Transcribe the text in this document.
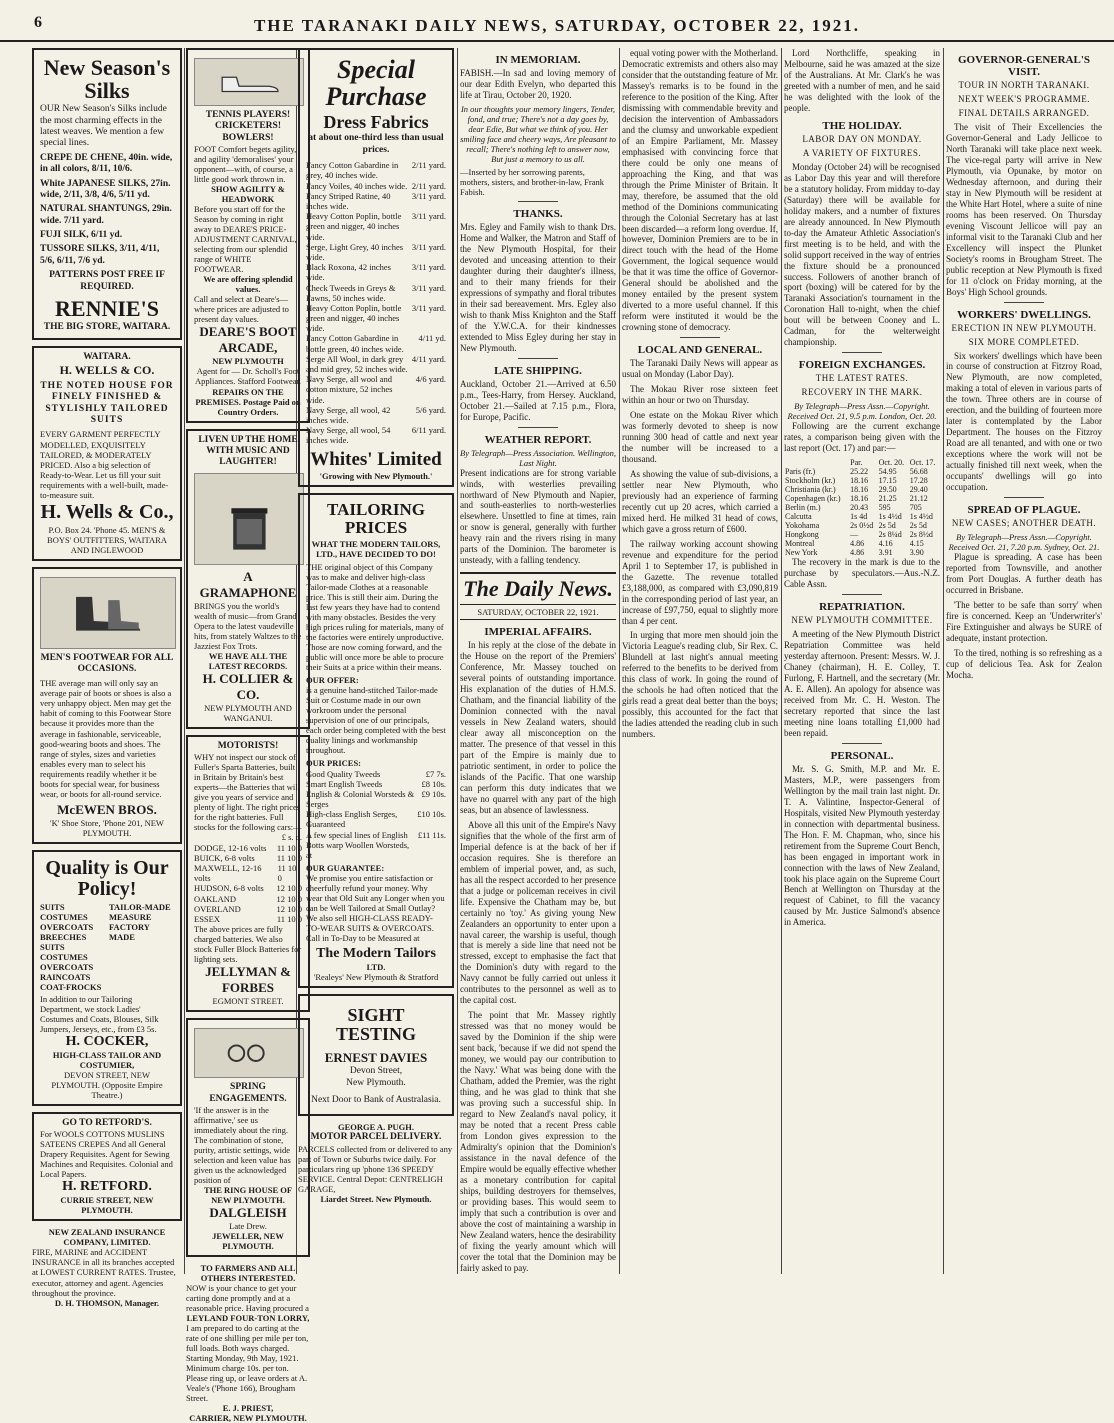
6	THE TARANAKI DAILY NEWS, SATURDAY, OCTOBER 22, 1921.
New Season's Silks
OUR New Season's Silks include the most charming effects in the latest weaves. We mention a few special lines.
CREPE DE CHENE, 40in. wide, in all colors, 8/11, 10/6.
White JAPANESE SILKS, 27in. wide, 2/11, 3/8, 4/6, 5/11 yd.
NATURAL SHANTUNGS, 29in. wide. 7/11 yard.
FUJI SILK, 6/11 yd.
TUSSORE SILKS, 3/11, 4/11, 5/6, 6/11, 7/6 yd.
PATTERNS POST FREE IF REQUIRED.
RENNIE'S
THE BIG STORE, WAITARA.
WAITARA.
H. WELLS & CO.
THE NOTED HOUSE FOR FINELY FINISHED & STYLISHLY TAILORED SUITS
EVERY GARMENT PERFECTLY MODELLED, EXQUISITELY TAILORED, & MODERATELY PRICED. Also a big selection of Ready-to-Wear. Let us fill your suit requirements with a well-built, made-to-measure suit.
H. Wells & Co.,
P.O. Box 24. 'Phone 45. MEN'S & BOYS' OUTFITTERS, WAITARA AND INGLEWOOD
MEN'S FOOTWEAR FOR ALL OCCASIONS.
THE average man will only say an average pair of boots or shoes is also a very unhappy object. Men may get the habit of coming to this Footwear Store because it provides more than the average in fashionable, serviceable, good-wearing boots and shoes. The range of styles, sizes and varieties enables every man to select his requirements readily whether it be boots for special wear, for business wear, or boots for all-round service.
McEWEN BROS.
'K' Shoe Store, 'Phone 201, NEW PLYMOUTH.
Quality is Our Policy!
SUITS COSTUMES OVERCOATS BREECHES SUITS COSTUMES OVERCOATS RAINCOATS COAT-FROCKS
TAILOR-MADE MEASURE FACTORY MADE
In addition to our Tailoring Department, we stock Ladies' Costumes and Coats, Blouses, Silk Jumpers, Jerseys, etc., from £3 5s.
H. COCKER,
HIGH-CLASS TAILOR AND COSTUMIER,
DEVON STREET, NEW PLYMOUTH. (Opposite Empire Theatre.)
GO TO RETFORD'S.
For WOOLS COTTONS MUSLINS SATEENS CREPES And all General Drapery Requisites. Agent for Sewing Machines and Requisites. Colonial and Local Papers.
H. RETFORD.
CURRIE STREET, NEW PLYMOUTH.
NEW ZEALAND INSURANCE COMPANY, LIMITED.
FIRE, MARINE and ACCIDENT INSURANCE in all its branches accepted at LOWEST CURRENT RATES. Trustee, executor, attorney and agent. Agencies throughout the province.
D. H. THOMSON, Manager.
TENNIS PLAYERS! CRICKETERS! BOWLERS!
FOOT Comfort begets agility, and agility 'demoralises' your opponent—with, of course, a little good work thrown in.
SHOW AGILITY & HEADWORK
Before you start off for the Season by coming in right away to DEARE'S PRICE-ADJUSTMENT CARNIVAL, selecting from our splendid range of WHITE FOOTWEAR.
We are offering splendid values.
Call and select at Deare's—where prices are adjusted to present day values.
DEARE'S BOOT ARCADE,
NEW PLYMOUTH
Agent for — Dr. Scholl's Foot Appliances. Stafford Footwear.
REPAIRS ON THE PREMISES. Postage Paid on Country Orders.
LIVEN UP THE HOME WITH MUSIC AND LAUGHTER!
A GRAMAPHONE
BRINGS you the world's wealth of music—from Grand Opera to the latest vaudeville hits, from stately Waltzes to the Jazziest Fox Trots.
WE HAVE ALL THE LATEST RECORDS.
H. COLLIER & CO.
NEW PLYMOUTH AND WANGANUI.
MOTORISTS!
WHY not inspect our stock of Fuller's Sparta Batteries, built in Britain by Britain's best experts—the Batteries that will give you years of service and plenty of light. The right prices for the right batteries. Full stocks for the following cars:—
£ s. d.
DODGE, 12-16 volts 11 10 0
BUICK, 6-8 volts	11 10 0
MAXWELL, 12-16 volts
11 10 0
HUDSON, 6-8 volts 12 10 0
OAKLAND	12 10 0
OVERLAND	12 10 0
ESSEX	11 10 0
The above prices are fully charged batteries. We also stock Fuller Block Batteries for lighting sets.
JELLYMAN & FORBES
EGMONT STREET.
SPRING ENGAGEMENTS.
'If the answer is in the affirmative,' see us immediately about the ring. The combination of stone, purity, artistic settings, wide selection and keen value has given us the acknowledged position of
THE RING HOUSE OF NEW PLYMOUTH.
DALGLEISH
Late Drew.
JEWELLER, NEW PLYMOUTH.
TO FARMERS AND ALL OTHERS INTERESTED.
NOW is your chance to get your carting done promptly and at a reasonable price. Having procured a
LEYLAND FOUR-TON LORRY,
I am prepared to do carting at the rate of one shilling per mile per ton, full loads. Both ways charged. Starting Monday, 9th May, 1921. Minimum charge 10s. per ton. Please ring up, or leave orders at A. Veale's ('Phone 166), Brougham Street.
E. J. PRIEST,
CARRIER, NEW PLYMOUTH.
Special Purchase
Dress Fabrics
at about one-third less than usual prices.
Fancy Cotton Gabardine in grey, 40 inches wide.
2/11 yard.
Fancy Voiles, 40 inches wide. 2/11 yard.
Fancy Striped Ratine, 40 inches wide.
3/11 yard.
Heavy Cotton Poplin, bottle green and nigger, 40 inches wide.
3/11 yard.
Serge, Light Grey, 40 inches wide.
3/11 yard.
Black Roxona, 42 inches wide.
3/11 yard.
Check Tweeds in Greys & Fawns, 50 inches wide.
3/11 yard.
Heavy Cotton Poplin, bottle green and nigger, 40 inches wide.
3/11 yard.
Fancy Cotton Gabardine in bottle green, 40 inches wide.
4/11 yd.
Serge All Wool, in dark grey and mid grey, 52 inches wide.
4/11 yard.
Navy Serge, all wool and cotton mixture, 52 inches wide.
4/6 yard.
Navy Serge, all wool, 42 inches wide.
5/6 yard.
Navy Serge, all wool, 54 inches wide.
6/11 yard.
Whites' Limited
'Growing with New Plymouth.'
TAILORING PRICES
WHAT THE MODERN TAILORS, LTD., HAVE DECIDED TO DO!
THE original object of this Company was to make and deliver high-class Tailor-made Clothes at a reasonable price. This is still their aim. During the last few years they have had to contend with many obstacles. Besides the very high prices ruling for materials, many of the factories were entirely unproductive. Those are now coming forward, and the public will once more be able to procure their Suits at a price within their means.
OUR OFFER:
is a genuine hand-stitched Tailor-made Suit or Costume made in our own workroom under the personal supervision of one of our principals, each order being completed with the best quality linings and workmanship throughout.
OUR PRICES:
Good Quality Tweeds	£7 7s.
Smart English Tweeds	£8 10s.
English & Colonial Worsteds & Serges
£9 10s.
High-class English Serges, Guaranteed
£10 10s.
A few special lines of English Botts warp Woollen Worsteds, at
£11 11s.
OUR GUARANTEE:
We promise you entire satisfaction or cheerfully refund your money. Why wear that Old Suit any Longer when you can be Well Tailored at Small Outlay? We also sell HIGH-CLASS READY-TO-WEAR SUITS & OVERCOATS. Call in To-Day to be Measured at
The Modern Tailors
LTD.
'Realeys' New Plymouth & Stratford
SIGHT TESTING
ERNEST DAVIES
Devon Street,
New Plymouth.
Next Door to Bank of Australasia.
GEORGE A. PUGH.
MOTOR PARCEL DELIVERY.
PARCELS collected from or delivered to any part of Town or Suburbs twice daily. For particulars ring up 'phone 136 SPEEDY SERVICE. Central Depot: CENTRELIGH GARAGE,
Liardet Street. New Plymouth.
IN MEMORIAM.
FABISH.—In sad and loving memory of our dear Edith Evelyn, who departed this life at Tirau, October 20, 1920.
In our thoughts your memory lingers, Tender, fond, and true; There's not a day goes by, dear Edie, But what we think of you. Her smiling face and cheery ways, Are pleasant to recall; There's nothing left to answer now, But just a memory to us all.
—Inserted by her sorrowing parents, mothers, sisters, and brother-in-law, Frank Fabish.
THANKS.
Mrs. Egley and Family wish to thank Drs. Home and Walker, the Matron and Staff of the New Plymouth Hospital, for their devoted and unceasing attention to their daughter during their daughter's illness, and to their many friends for their expressions of sympathy and floral tributes in their sad bereavement. Mrs. Egley also wish to thank Miss Knighton and the Staff of the Y.W.C.A. for their kindnesses extended to Miss Egley during her stay in New Plymouth.
LATE SHIPPING.
Auckland, October 21.—Arrived at 6.50 p.m., Tees-Harry, from Hersey. Auckland, October 21.—Sailed at 7.15 p.m., Flora, for Europe, Pacific.
WEATHER REPORT.
By Telegraph—Press Association. Wellington, Last Night.
Present indications are for strong variable winds, with westerlies prevailing northward of New Plymouth and Napier, and south-easterlies to north-westerlies elsewhere. Unsettled to fine at times, rain or snow is general, generally with further heavy rain and the rivers rising in many parts of the Dominion. The barometer is unsteady, with a falling tendency.
The Daily News.
SATURDAY, OCTOBER 22, 1921.
IMPERIAL AFFAIRS.

In his reply at the close of the debate in the House on the report of the Premiers' Conference, Mr. Massey touched on several points of outstanding importance. His explanation of the duties of H.M.S. Chatham, and the financial liability of the Dominion connected with the naval vessels in New Zealand waters, should clear away all misconception on the matter. The presence of that vessel in this part of the Empire is mainly due to patriotic sentiment, in order to police the islands of the Pacific. That one warship can perform this duty indicates that we have no quarrel with any part of the high seas, but an absence of lawlessness.

Above all this unit of the Empire's Navy signifies that the whole of the first arm of Imperial defence is at the back of her if occasion requires. She is therefore an emblem of imperial power, and, as such, has all the respect accorded to her presence that a judge or policeman receives in civil life. Expensive the Chatham may be, but certainly no 'toy.' As giving young New Zealanders an opportunity to enter upon a naval career, the warship is useful, though that is merely a side line that need not be stressed, except to emphasise the fact that the Dominion's duty with regard to the Navy cannot be fully carried out unless it contributes to the personnel as well as to the capital cost.

The point that Mr. Massey rightly stressed was that no money would be saved by the Dominion if the ship were sent back, 'because if we did not spend the money, we would pay our contribution to the Navy.' What was being done with the Chatham, added the Premier, was the right thing, and he was glad to think that she was proving such a successful ship. In regard to New Zealand's naval policy, it may be noted that a recent Press cable from London gives expression to the Admiralty's opinion that the Dominion's assistance in the naval defence of the Empire would be equally effective whether as a monetary contribution for capital ships, building destroyers for themselves, or providing bases. This would seem to imply that such a contribution is over and above the cost of maintaining a warship in New Zealand waters, hence the desirability of fixing the yearly amount which will cover the total that the Dominion may be fairly asked to pay.

equal voting power with the Motherland. Democratic extremists and others also may consider that the outstanding feature of Mr. Massey's remarks is to be found in the reference to the position of the King. After dismissing with commendable brevity and decision the intervention of Ambassadors and the clumsy and unworkable expedient of an Empire Parliament, Mr. Massey emphasised with convincing force that there could be only one means of approaching the King, and that was through the Prime Minister of Britain. It may, therefore, be assumed that the old method of the Dominions communicating through the Colonial Secretary has at last been discarded—a reform long overdue. If, however, Dominion Premiers are to be in direct touch with the head of the Home Government, the logical sequence would be that it was time the office of Governor-General should be abolished and the money entailed by the present system diverted to a more useful channel. If this reform were instituted it would be the crowning stone of democracy.

LOCAL AND GENERAL.

The Taranaki Daily News will appear as usual on Monday (Labor Day).

The Mokau River rose sixteen feet within an hour or two on Thursday.

One estate on the Mokau River which was formerly devoted to sheep is now running 300 head of cattle and next year the number will be increased to a thousand.

As showing the value of sub-divisions, a settler near New Plymouth, who previously had an experience of farming recently cut up 20 acres, which carried a mixed herd. He milked 31 head of cows, which gave a gross return of £600.

The railway working account showing revenue and expenditure for the period April 1 to September 17, is published in the Gazette. The revenue totalled £3,188,000, as compared with £3,090,819 in the corresponding period of last year, an increase of £97,750, equal to slightly more than 4 per cent.

In urging that more men should join the Victoria League's reading club, Sir Rex. C. Blundell at last night's annual meeting referred to the benefits to be derived from this class of work. In going the round of the schools he had often noticed that the girls read a great deal better than the boys; possibly, this accounted for the fact that the ladies attended the reading club in such numbers.

Lord Northcliffe, speaking in Melbourne, said he was amazed at the size of the Australians. At Mr. Clark's he was greeted with a number of men, and he said he was delighted with the look of the people.

THE HOLIDAY.
LABOR DAY ON MONDAY.
A VARIETY OF FIXTURES.

Monday (October 24) will be recognised as Labor Day this year and will therefore be a statutory holiday. From midday to-day (Saturday) there will be available for holiday makers, and a number of fixtures are already announced. In New Plymouth to-day the Amateur Athletic Association's first meeting is to be held, and with the solid support received in the way of entries the fixture should be a pronounced success. Followers of another branch of sport (boxing) will be catered for by the Taranaki Association's tournament in the Coronation Hall to-night, when the chief bout will be between Cooney and L. Cadman, for the welterweight championship.

FOREIGN EXCHANGES.
THE LATEST RATES.
RECOVERY IN THE MARK.
By Telegraph—Press Assn.—Copyright. Received Oct. 21, 9.5 p.m. London, Oct. 20.

Following are the current exchange rates, a comparison being given with the last report (Oct. 17) and par:—

	Par.	Oct. 20.	Oct. 17.
Paris (fr.)	25.22	54.95	56.68
Stockholm (kr.)	18.16	17.15	17.28
Christiania (kr.)	18.16	29.50	29.40
Copenhagen (kr.)	18.16	21.25	21.12
Berlin (m.)	20.43	595	705
Calcutta	1s 4d	1s 4½d	1s 4½d
Yokohama	2s 0½d	2s 5d	2s 5d
Hongkong	—	2s 8¼d	2s 8½d
Montreal	4.86	4.16	4.15
New York	4.86	3.91	3.90

The recovery in the mark is due to the purchase by speculators.—Aus.-N.Z. Cable Assn.

REPATRIATION.
NEW PLYMOUTH COMMITTEE.

A meeting of the New Plymouth District Repatriation Committee was held yesterday afternoon. Present: Messrs. W. J. Chaney (chairman), H. E. Colley, T. Furlong, F. Hartnell, and the secretary (Mr. A. E. Allen). An apology for absence was received from Mr. C. H. Weston. The secretary reported that since the last meeting nine loans totalling £1,000 had been repaid.

PERSONAL.

Mr. S. G. Smith, M.P. and Mr. E. Masters, M.P., were passengers from Wellington by the mail train last night. Dr. T. A. Valintine, Inspector-General of Hospitals, visited New Plymouth yesterday in connection with departmental business. The Hon. F. M. Chapman, who, since his retirement from the Supreme Court Bench, has been engaged in important work in connection with the laws of New Zealand, took his place again on the Supreme Court Bench at Wellington on Thursday at the request of Cabinet, to fill the vacancy caused by Mr. Justice Salmond's absence in America.

GOVERNOR-GENERAL'S VISIT.
TOUR IN NORTH TARANAKI.
NEXT WEEK'S PROGRAMME.
FINAL DETAILS ARRANGED.

The visit of Their Excellencies the Governor-General and Lady Jellicoe to North Taranaki will take place next week. The vice-regal party will arrive in New Plymouth, via Opunake, by motor on Wednesday afternoon, and during their stay in New Plymouth will be resident at the White Hart Hotel, where a suite of nine rooms has been reserved. On Thursday evening Viscount Jellicoe will pay an informal visit to the Taranaki Club and her Excellency will inspect the Plunket Society's rooms in Brougham Street. The public reception at New Plymouth is fixed for 11 o'clock on Friday morning, at the Boys' High School grounds.

WORKERS' DWELLINGS.
ERECTION IN NEW PLYMOUTH.
SIX MORE COMPLETED.

Six workers' dwellings which have been in course of construction at Fitzroy Road, New Plymouth, are now completed, making a total of eleven in various parts of the town. Three others are in course of erection, and the building of fourteen more later is contemplated by the Labor Department. The houses on the Fitzroy Road are all tenanted, and with one or two exceptions where the work will not be actually finished till next week, when the occupants' dwellings will go into occupation.

SPREAD OF PLAGUE.
NEW CASES; ANOTHER DEATH.
By Telegraph—Press Assn.—Copyright. Received Oct. 21, 7.20 p.m. Sydney, Oct. 21.

Plague is spreading. A case has been reported from Townsville, and another from Port Douglas. A further death has occurred in Brisbane.

'The better to be safe than sorry' when fire is concerned. Keep an 'Underwriter's' Fire Extinguisher and always be SURE of adequate, instant protection.

To the tired, nothing is so refreshing as a cup of delicious Tea. Ask for Zealon Mocha.
